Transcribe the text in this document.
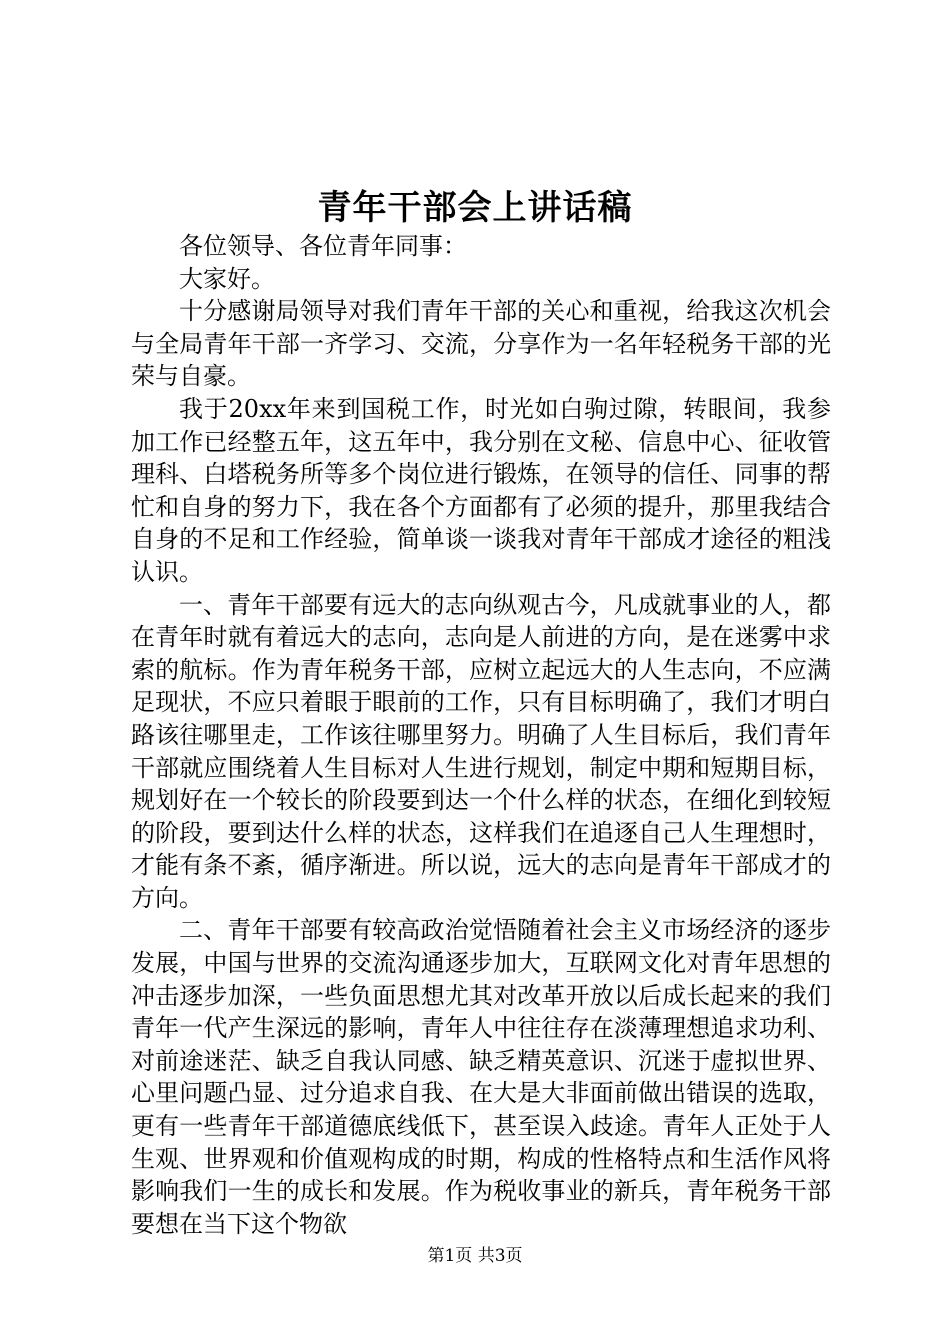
青年干部会上讲话稿

各位领导、各位青年同事：

大家好。

十分感谢局领导对我们青年干部的关心和重视，给我这次机会与全局青年干部一齐学习、交流，分享作为一名年轻税务干部的光荣与自豪。

我于20xx年来到国税工作，时光如白驹过隙，转眼间，我参加工作已经整五年，这五年中，我分别在文秘、信息中心、征收管理科、白塔税务所等多个岗位进行锻炼，在领导的信任、同事的帮忙和自身的努力下，我在各个方面都有了必须的提升，那里我结合自身的不足和工作经验，简单谈一谈我对青年干部成才途径的粗浅认识。

一、青年干部要有远大的志向纵观古今，凡成就事业的人，都在青年时就有着远大的志向，志向是人前进的方向，是在迷雾中求索的航标。作为青年税务干部，应树立起远大的人生志向，不应满足现状，不应只着眼于眼前的工作，只有目标明确了，我们才明白路该往哪里走，工作该往哪里努力。明确了人生目标后，我们青年干部就应围绕着人生目标对人生进行规划，制定中期和短期目标，规划好在一个较长的阶段要到达一个什么样的状态，在细化到较短的阶段，要到达什么样的状态，这样我们在追逐自己人生理想时，才能有条不紊，循序渐进。所以说，远大的志向是青年干部成才的方向。

二、青年干部要有较高政治觉悟随着社会主义市场经济的逐步发展，中国与世界的交流沟通逐步加大，互联网文化对青年思想的冲击逐步加深，一些负面思想尤其对改革开放以后成长起来的我们青年一代产生深远的影响，青年人中往往存在淡薄理想追求功利、对前途迷茫、缺乏自我认同感、缺乏精英意识、沉迷于虚拟世界、心里问题凸显、过分追求自我、在大是大非面前做出错误的选取，更有一些青年干部道德底线低下，甚至误入歧途。青年人正处于人生观、世界观和价值观构成的时期，构成的性格特点和生活作风将影响我们一生的成长和发展。作为税收事业的新兵，青年税务干部要想在当下这个物欲

第1页 共3页
